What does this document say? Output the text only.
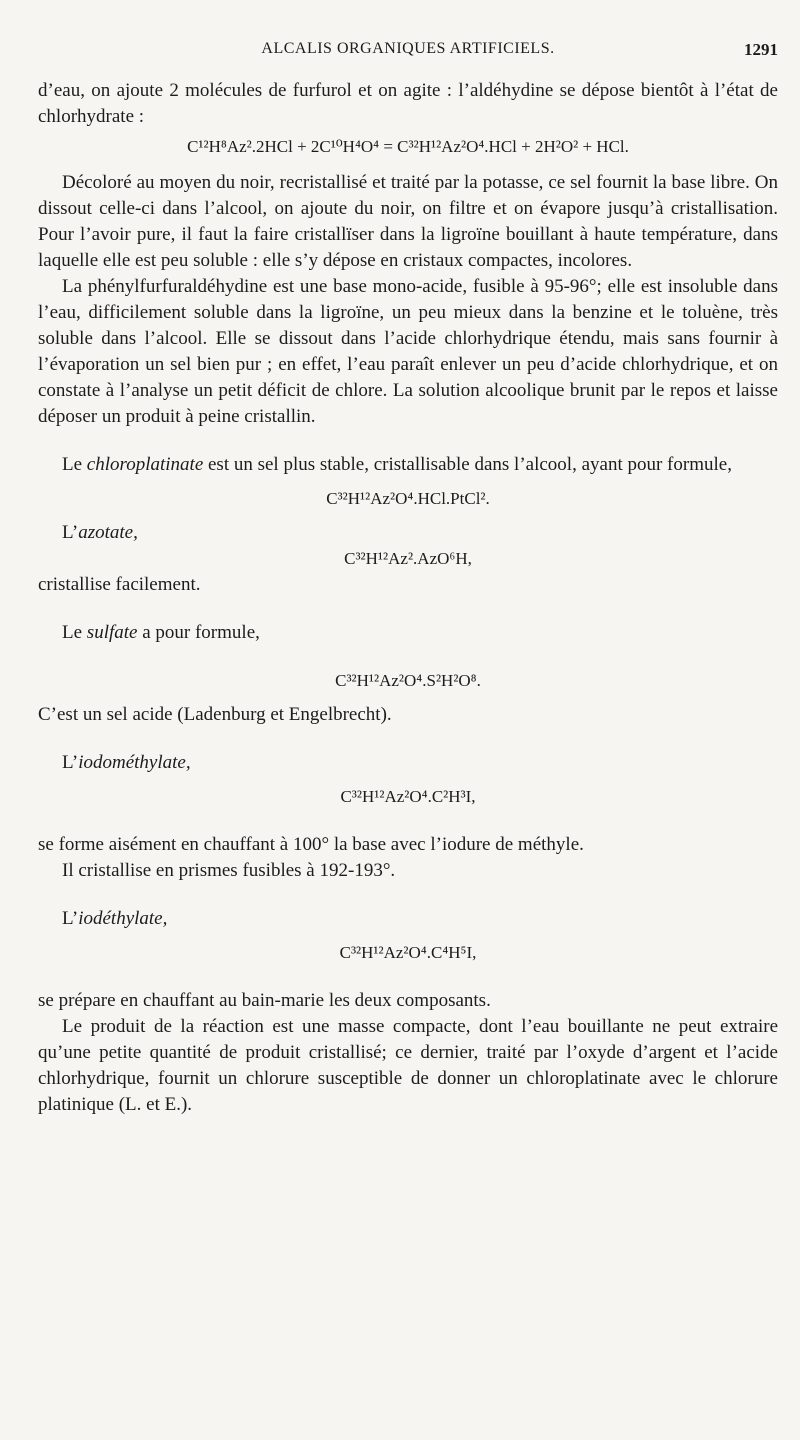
ALCALIS ORGANIQUES ARTIFICIELS.	1291

d’eau, on ajoute 2 molécules de furfurol et on agite : l’aldéhydine se dépose bientôt à l’état de chlorhydrate :

C¹²H⁸Az².2HCl + 2C¹⁰H⁴O⁴ = C³²H¹²Az²O⁴.HCl + 2H²O² + HCl.

Décoloré au moyen du noir, recristallisé et traité par la potasse, ce sel fournit la base libre. On dissout celle-ci dans l’alcool, on ajoute du noir, on filtre et on évapore jusqu’à cristallisation. Pour l’avoir pure, il faut la faire cristallïser dans la ligroïne bouillant à haute température, dans laquelle elle est peu soluble : elle s’y dépose en cristaux compactes, incolores.

La phénylfurfuraldéhydine est une base mono-acide, fusible à 95-96°; elle est insoluble dans l’eau, difficilement soluble dans la ligroïne, un peu mieux dans la benzine et le toluène, très soluble dans l’alcool. Elle se dissout dans l’acide chlorhydrique étendu, mais sans fournir à l’évaporation un sel bien pur ; en effet, l’eau paraît enlever un peu d’acide chlorhydrique, et on constate à l’analyse un petit déficit de chlore. La solution alcoolique brunit par le repos et laisse déposer un produit à peine cristallin.

Le chloroplatinate est un sel plus stable, cristallisable dans l’alcool, ayant pour formule,

C³²H¹²Az²O⁴.HCl.PtCl².

L’azotate,

C³²H¹²Az².AzO⁶H,

cristallise facilement.

Le sulfate a pour formule,

C³²H¹²Az²O⁴.S²H²O⁸.

C’est un sel acide (Ladenburg et Engelbrecht).

L’iodométhylate,

C³²H¹²Az²O⁴.C²H³I,

se forme aisément en chauffant à 100° la base avec l’iodure de méthyle.

Il cristallise en prismes fusibles à 192-193°.

L’iodéthylate,

C³²H¹²Az²O⁴.C⁴H⁵I,

se prépare en chauffant au bain-marie les deux composants.

Le produit de la réaction est une masse compacte, dont l’eau bouillante ne peut extraire qu’une petite quantité de produit cristallisé; ce dernier, traité par l’oxyde d’argent et l’acide chlorhydrique, fournit un chlorure susceptible de donner un chloroplatinate avec le chlorure platinique (L. et E.).
